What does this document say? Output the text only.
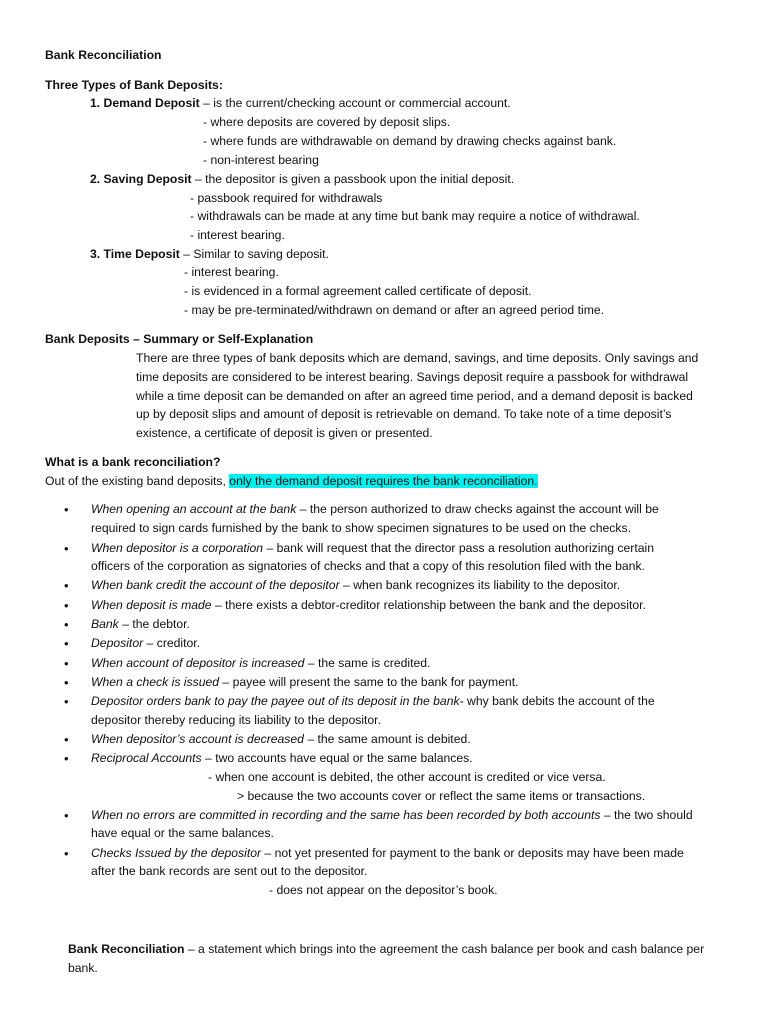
Bank Reconciliation
Three Types of Bank Deposits:
1. Demand Deposit – is the current/checking account or commercial account.
- where deposits are covered by deposit slips.
- where funds are withdrawable on demand by drawing checks against bank.
- non-interest bearing
2. Saving Deposit – the depositor is given a passbook upon the initial deposit.
- passbook required for withdrawals
- withdrawals can be made at any time but bank may require a notice of withdrawal.
- interest bearing.
3. Time Deposit – Similar to saving deposit.
- interest bearing.
- is evidenced in a formal agreement called certificate of deposit.
- may be pre-terminated/withdrawn on demand or after an agreed period time.
Bank Deposits – Summary or Self-Explanation
There are three types of bank deposits which are demand, savings, and time deposits. Only savings and
time deposits are considered to be interest bearing. Savings deposit require a passbook for withdrawal
while a time deposit can be demanded on after an agreed time period, and a demand deposit is backed
up by deposit slips and amount of deposit is retrievable on demand. To take note of a time deposit’s
existence, a certificate of deposit is given or presented.
What is a bank reconciliation?
Out of the existing band deposits, only the demand deposit requires the bank reconciliation.
• When opening an account at the bank – the person authorized to draw checks against the account will be
required to sign cards furnished by the bank to show specimen signatures to be used on the checks.
• When depositor is a corporation – bank will request that the director pass a resolution authorizing certain
officers of the corporation as signatories of checks and that a copy of this resolution filed with the bank.
• When bank credit the account of the depositor – when bank recognizes its liability to the depositor.
• When deposit is made – there exists a debtor-creditor relationship between the bank and the depositor.
• Bank – the debtor.
• Depositor – creditor.
• When account of depositor is increased – the same is credited.
• When a check is issued – payee will present the same to the bank for payment.
• Depositor orders bank to pay the payee out of its deposit in the bank- why bank debits the account of the
depositor thereby reducing its liability to the depositor.
• When depositor’s account is decreased – the same amount is debited.
• Reciprocal Accounts – two accounts have equal or the same balances.
- when one account is debited, the other account is credited or vice versa.
> because the two accounts cover or reflect the same items or transactions.
• When no errors are committed in recording and the same has been recorded by both accounts – the two should
have equal or the same balances.
• Checks Issued by the depositor – not yet presented for payment to the bank or deposits may have been made
after the bank records are sent out to the depositor.
- does not appear on the depositor’s book.
Bank Reconciliation – a statement which brings into the agreement the cash balance per book and cash balance per
bank.
